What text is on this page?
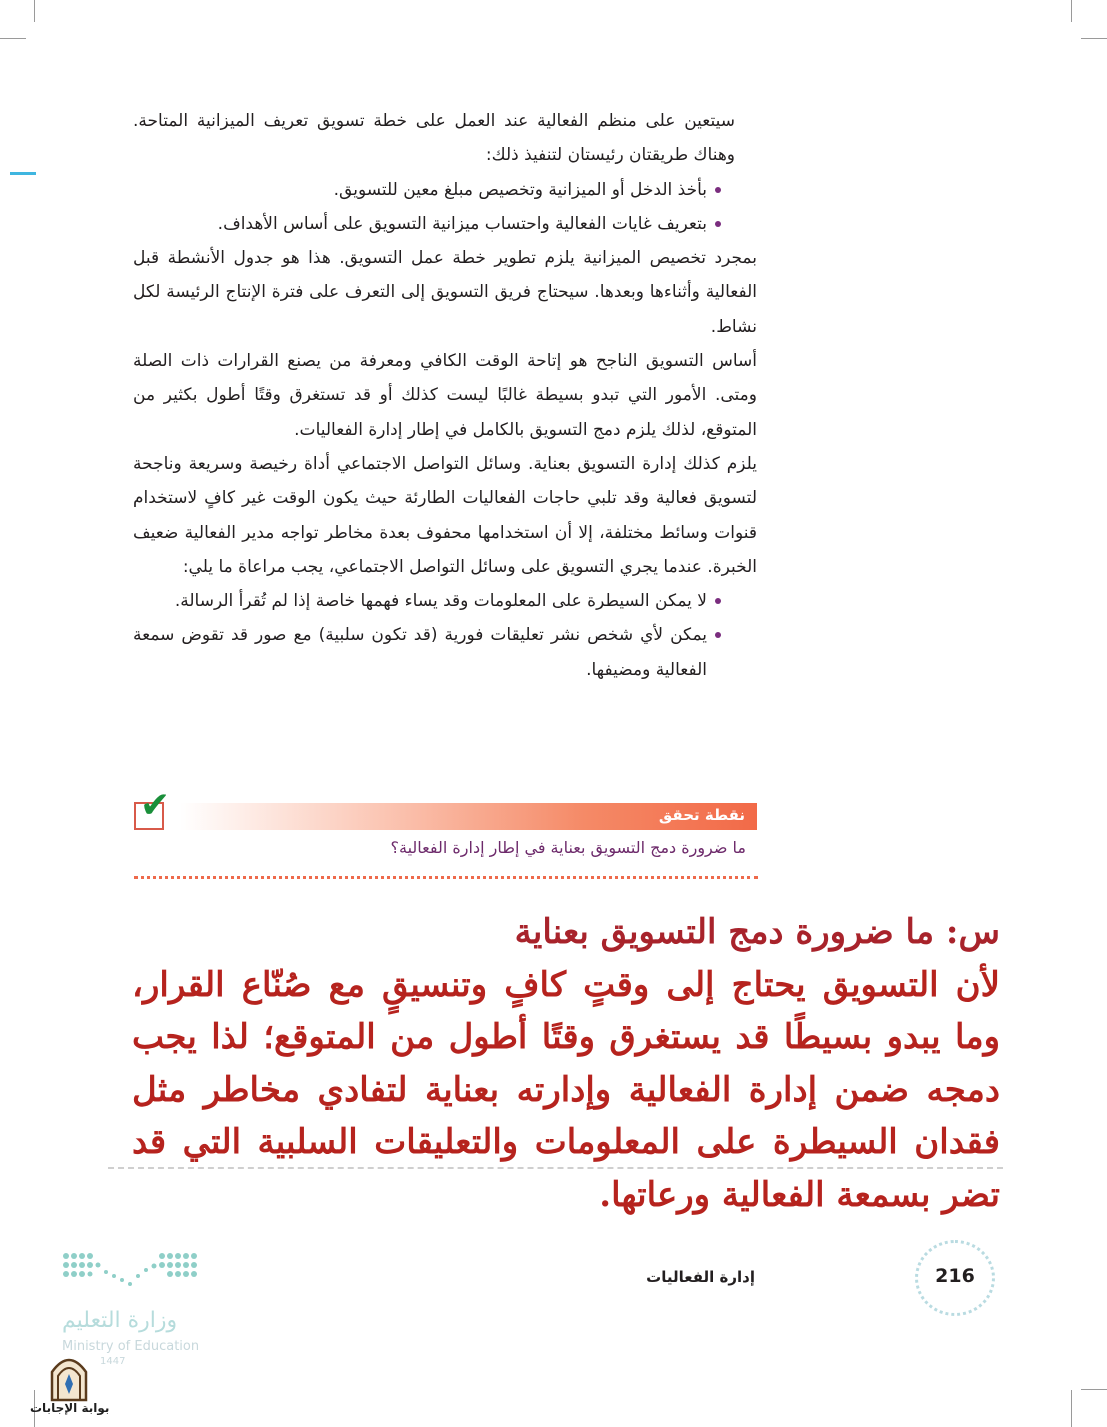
سيتعين على منظم الفعالية عند العمل على خطة تسويق تعريف الميزانية المتاحة. وهناك طريقتان رئيستان لتنفيذ ذلك:

بأخذ الدخل أو الميزانية وتخصيص مبلغ معين للتسويق.
بتعريف غايات الفعالية واحتساب ميزانية التسويق على أساس الأهداف.

بمجرد تخصيص الميزانية يلزم تطوير خطة عمل التسويق. هذا هو جدول الأنشطة قبل الفعالية وأثناءها وبعدها. سيحتاج فريق التسويق إلى التعرف على فترة الإنتاج الرئيسة لكل نشاط.

أساس التسويق الناجح هو إتاحة الوقت الكافي ومعرفة من يصنع القرارات ذات الصلة ومتى. الأمور التي تبدو بسيطة غالبًا ليست كذلك أو قد تستغرق وقتًا أطول بكثير من المتوقع، لذلك يلزم دمج التسويق بالكامل في إطار إدارة الفعاليات.

يلزم كذلك إدارة التسويق بعناية. وسائل التواصل الاجتماعي أداة رخيصة وسريعة وناجحة لتسويق فعالية وقد تلبي حاجات الفعاليات الطارئة حيث يكون الوقت غير كافٍ لاستخدام قنوات وسائط مختلفة، إلا أن استخدامها محفوف بعدة مخاطر تواجه مدير الفعالية ضعيف الخبرة. عندما يجري التسويق على وسائل التواصل الاجتماعي، يجب مراعاة ما يلي:

لا يمكن السيطرة على المعلومات وقد يساء فهمها خاصة إذا لم تُقرأ الرسالة.
يمكن لأي شخص نشر تعليقات فورية (قد تكون سلبية) مع صور قد تقوض سمعة الفعالية ومضيفها.
✔	نقطة تحقق
ما ضرورة دمج التسويق بعناية في إطار إدارة الفعالية؟

س: ما ضرورة دمج التسويق بعناية

لأن التسويق يحتاج إلى وقتٍ كافٍ وتنسيقٍ مع صُنّاع القرار، وما يبدو بسيطًا قد يستغرق وقتًا أطول من المتوقع؛ لذا يجب دمجه ضمن إدارة الفعالية وإدارته بعناية لتفادي مخاطر مثل فقدان السيطرة على المعلومات والتعليقات السلبية التي قد تضر بسمعة الفعالية ورعاتها.

216
إدارة الفعاليات
وزارة التعليم
Ministry of Education
1447
بوابة الإجابات
